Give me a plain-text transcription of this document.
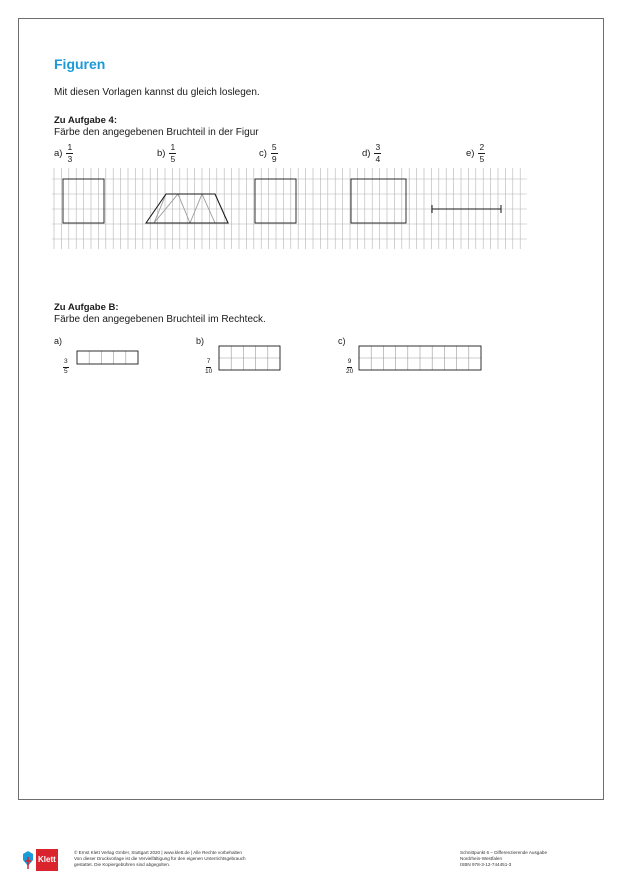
Figuren
Mit diesen Vorlagen kannst du gleich loslegen.
Zu Aufgabe 4:
Färbe den angegebenen Bruchteil in der Figur
$a) \frac{1}{3}$	$b) \frac{1}{5}$	$c) \frac{5}{9}$	$d) \frac{3}{4}$	$e) \frac{2}{5}$
Zu Aufgabe B:
Färbe den angegebenen Bruchteil im Rechteck.
a)	b)	c)
$\frac{3}{5}$	$\frac{7}{10}$	$\frac{9}{20}$
Klett
© Ernst Klett Verlag GmbH, Stuttgart 2020 | www.klett.de | Alle Rechte vorbehalten
Von dieser Druckvorlage ist die Vervielfältigung für den eigenen Unterrichtsgebrauch
gestattet. Die Kopiergebühren sind abgegolten.
Schnittpunkt 6 – Differenzierende Ausgabe
Nordrhein-Westfalen
ISBN 978-3-12-744451-3
